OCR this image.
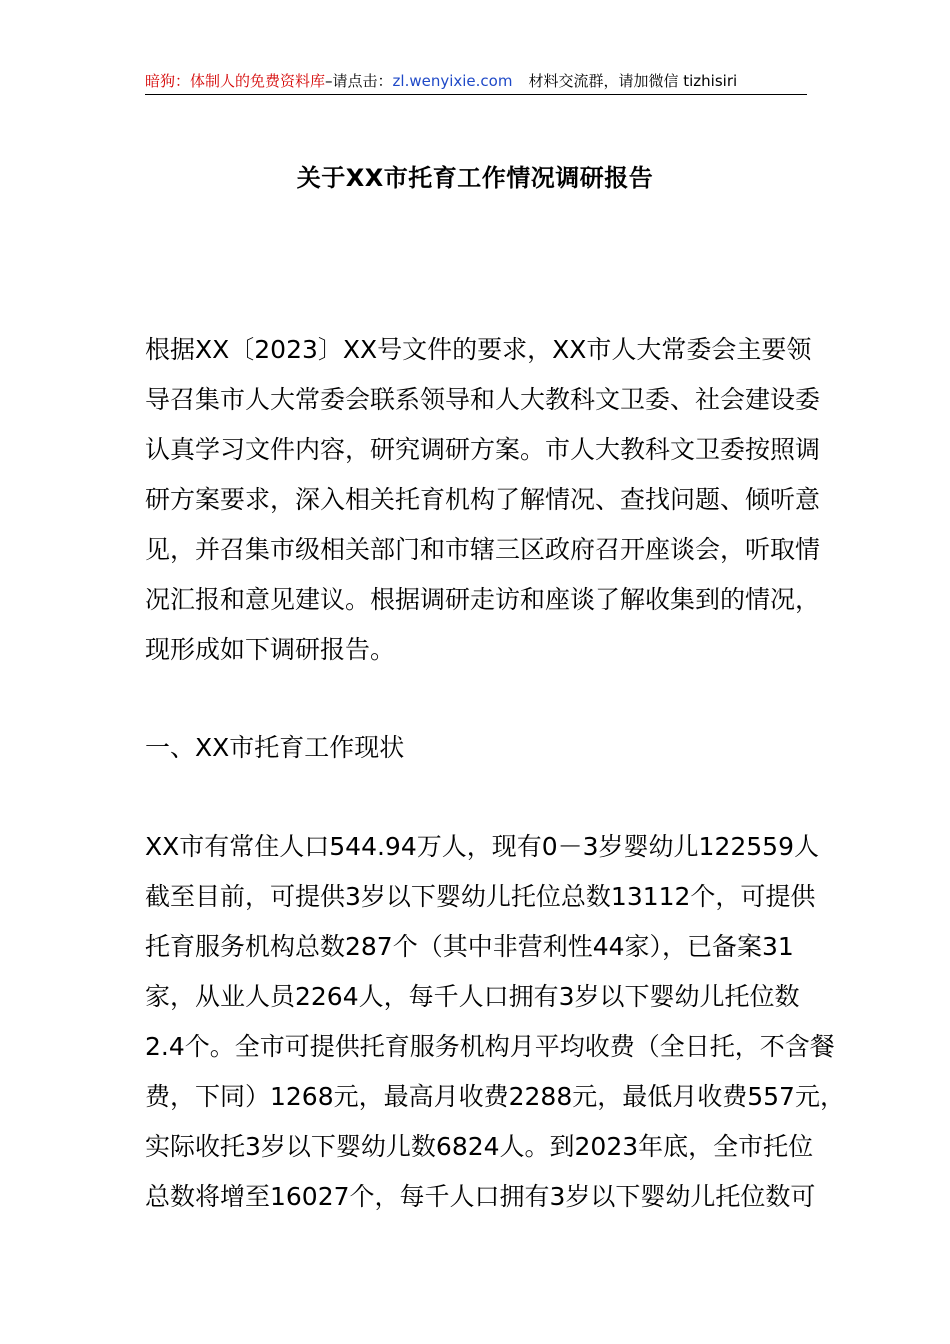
暗狗：体制人的免费资料库–请点击：zl.wenyixie.com 材料交流群，请加微信 tizhisiri
关于XX市托育工作情况调研报告
根据XX〔2023〕XX号文件的要求，XX市人大常委会主要领
导召集市人大常委会联系领导和人大教科文卫委、社会建设委
认真学习文件内容，研究调研方案。市人大教科文卫委按照调
研方案要求，深入相关托育机构了解情况、查找问题、倾听意
见，并召集市级相关部门和市辖三区政府召开座谈会，听取情
况汇报和意见建议。根据调研走访和座谈了解收集到的情况，
现形成如下调研报告。
一、XX市托育工作现状
XX市有常住人口544.94万人，现有0－3岁婴幼儿122559人
截至目前，可提供3岁以下婴幼儿托位总数13112个，可提供
托育服务机构总数287个（其中非营利性44家），已备案31
家，从业人员2264人，每千人口拥有3岁以下婴幼儿托位数
2.4个。全市可提供托育服务机构月平均收费（全日托，不含餐
费，下同）1268元，最高月收费2288元，最低月收费557元，
实际收托3岁以下婴幼儿数6824人。到2023年底，全市托位
总数将增至16027个，每千人口拥有3岁以下婴幼儿托位数可
